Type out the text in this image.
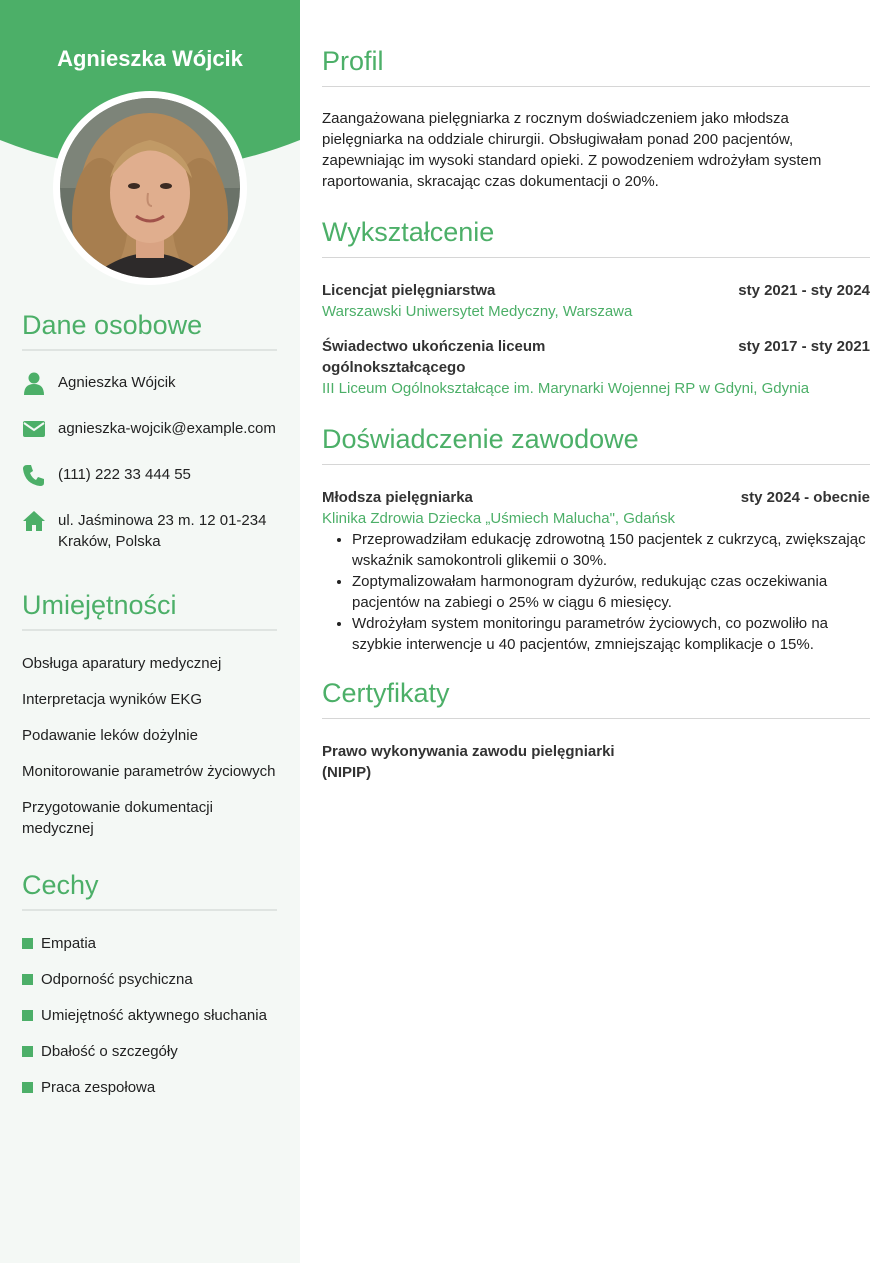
Agnieszka Wójcik
Dane osobowe
Agnieszka Wójcik
agnieszka-wojcik@example.com
(111) 222 33 444 55
ul. Jaśminowa 23 m. 12 01-234
Kraków, Polska
Umiejętności
Obsługa aparatury medycznej
Interpretacja wyników EKG
Podawanie leków dożylnie
Monitorowanie parametrów życiowych
Przygotowanie dokumentacji medycznej
Cechy
Empatia
Odporność psychiczna
Umiejętność aktywnego słuchania
Dbałość o szczegóły
Praca zespołowa
Profil

Zaangażowana pielęgniarka z rocznym doświadczeniem jako młodsza pielęgniarka na oddziale chirurgii. Obsługiwałam ponad 200 pacjentów, zapewniając im wysoki standard opieki. Z powodzeniem wdrożyłam system raportowania, skracając czas dokumentacji o 20%.

Wykształcenie
Licencjat pielęgniarstwa	sty 2021 - sty 2024
Warszawski Uniwersytet Medyczny, Warszawa
Świadectwo ukończenia liceum ogólnokształcącego
sty 2017 - sty 2021
III Liceum Ogólnokształcące im. Marynarki Wojennej RP w Gdyni, Gdynia
Doświadczenie zawodowe
Młodsza pielęgniarka	sty 2024 - obecnie
Klinika Zdrowia Dziecka „Uśmiech Malucha", Gdańsk
• Przeprowadziłam edukację zdrowotną 150 pacjentek z cukrzycą, zwiększając wskaźnik samokontroli glikemii o 30%.
• Zoptymalizowałam harmonogram dyżurów, redukując czas oczekiwania pacjentów na zabiegi o 25% w ciągu 6 miesięcy.
• Wdrożyłam system monitoringu parametrów życiowych, co pozwoliło na szybkie interwencje u 40 pacjentów, zmniejszając komplikacje o 15%.
Certyfikaty
Prawo wykonywania zawodu pielęgniarki (NIPIP)
